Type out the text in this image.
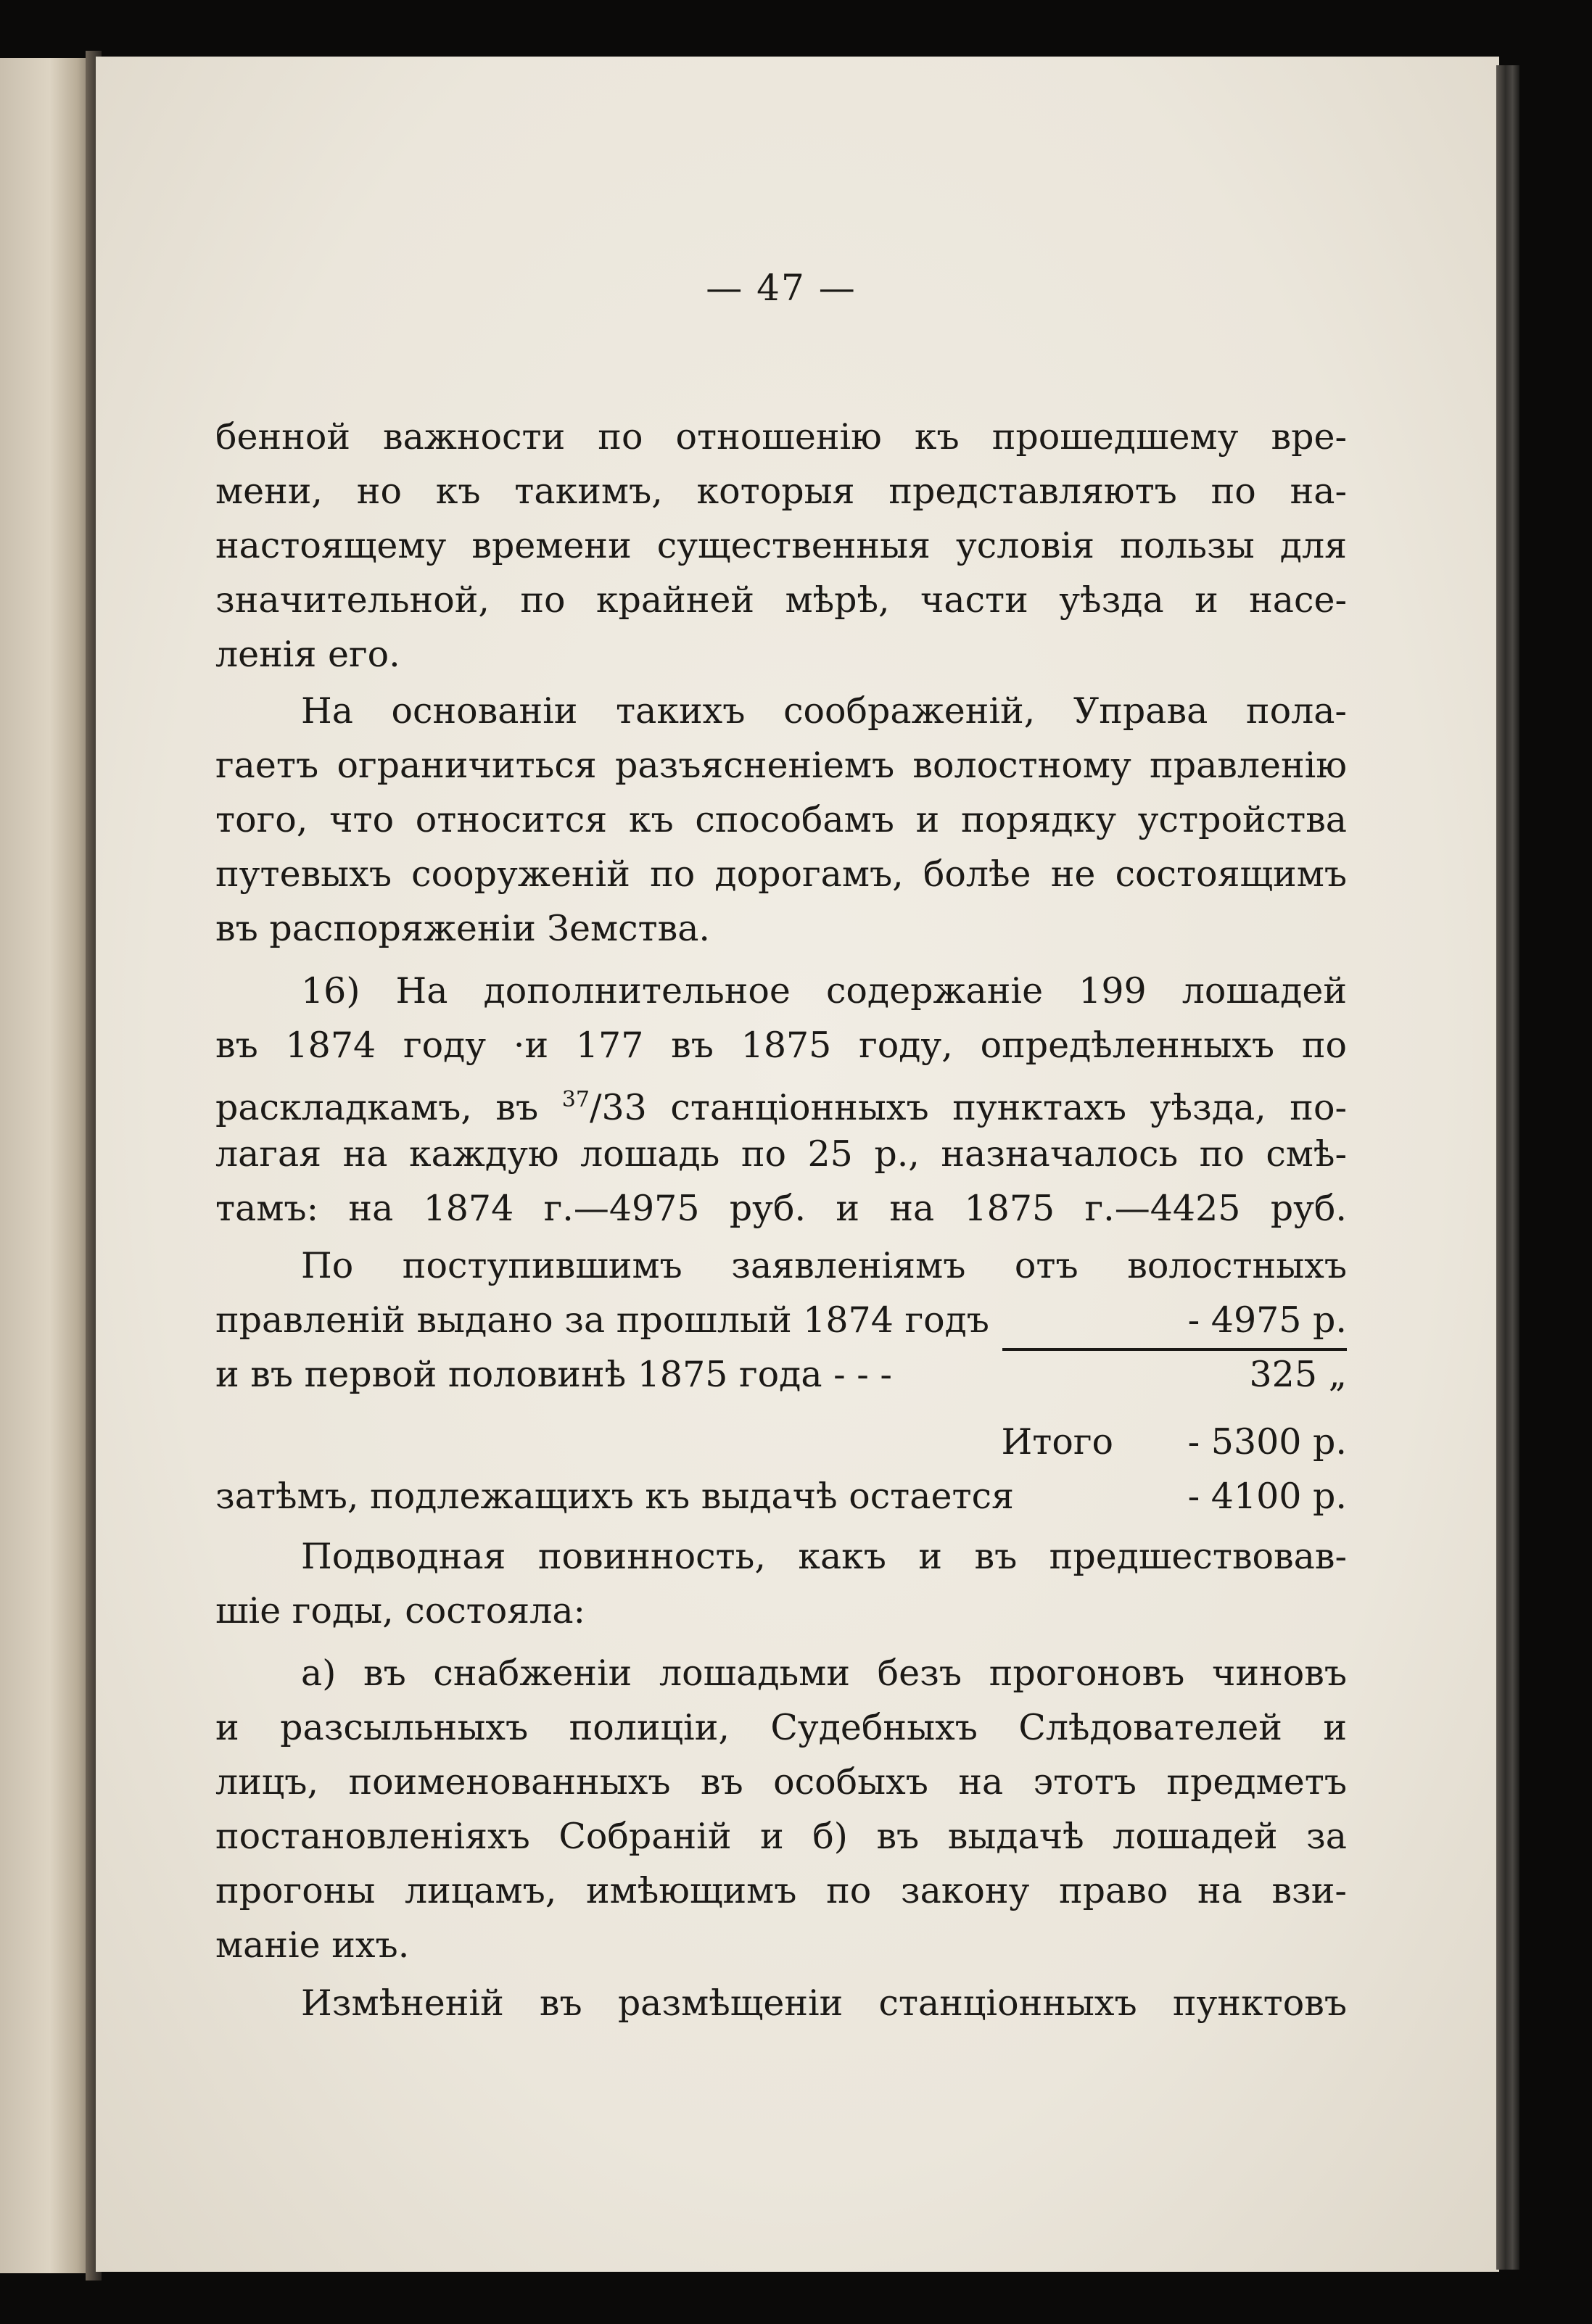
— 47 —
бенной важности по отношенію къ прошедшему вре-
мени, но къ такимъ, которыя представляютъ по на-
настоящему времени существенныя условія пользы для
значительной, по крайней мѣрѣ, части уѣзда и насе-
ленія его.
На основаніи такихъ соображеній, Управа пола-
гаетъ ограничиться разъясненіемъ волостному правленію
того, что относится къ способамъ и порядку устройства
путевыхъ сооруженій по дорогамъ, болѣе не состоящимъ
въ распоряженіи Земства.
16) На дополнительное содержаніе 199 лошадей
въ 1874 году ·и 177 въ 1875 году, опредѣленныхъ по
раскладкамъ, въ $^{37}$/33 станціонныхъ пунктахъ уѣзда, по-
лагая на каждую лошадь по 25 р., назначалось по смѣ-
тамъ: на 1874 г.—4975 руб. и на 1875 г.—4425 руб.
По поступившимъ заявленіямъ отъ волостныхъ
правленій выдано за прошлый 1874 годъ	- 4975 р.
и въ первой половинѣ 1875 года - - -	325 „
Итого - 5300 р.
затѣмъ, подлежащихъ къ выдачѣ остается	- 4100 р.
Подводная повинность, какъ и въ предшествовав-
шіе годы, состояла:
а) въ снабженіи лошадьми безъ прогоновъ чиновъ
и разсыльныхъ полиціи, Судебныхъ Слѣдователей и
лицъ, поименованныхъ въ особыхъ на этотъ предметъ
постановленіяхъ Собраній и б) въ выдачѣ лошадей за
прогоны лицамъ, имѣющимъ по закону право на взи-
маніе ихъ.
Измѣненій въ размѣщеніи станціонныхъ пунктовъ
